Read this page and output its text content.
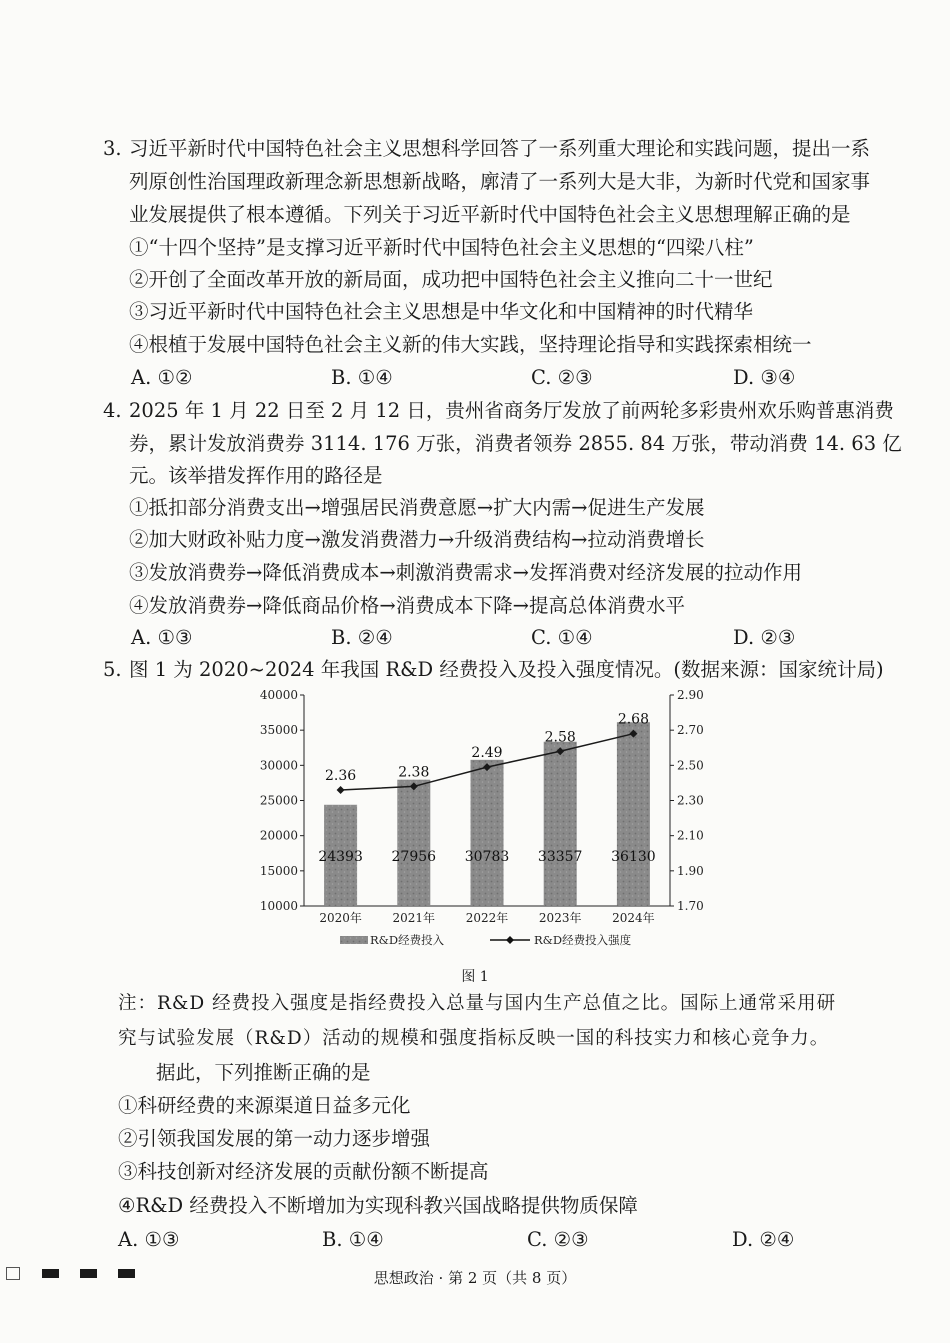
3. 习近平新时代中国特色社会主义思想科学回答了一系列重大理论和实践问题，提出一系
列原创性治国理政新理念新思想新战略，廓清了一系列大是大非，为新时代党和国家事
业发展提供了根本遵循。下列关于习近平新时代中国特色社会主义思想理解正确的是
①“十四个坚持”是支撑习近平新时代中国特色社会主义思想的“四梁八柱”
②开创了全面改革开放的新局面，成功把中国特色社会主义推向二十一世纪
③习近平新时代中国特色社会主义思想是中华文化和中国精神的时代精华
④根植于发展中国特色社会主义新的伟大实践，坚持理论指导和实践探索相统一
A. ①②	B. ①④	C. ②③	D. ③④
4. 2025 年 1 月 22 日至 2 月 12 日，贵州省商务厅发放了前两轮多彩贵州欢乐购普惠消费
券，累计发放消费券 3114. 176 万张，消费者领券 2855. 84 万张，带动消费 14. 63 亿
元。该举措发挥作用的路径是
①抵扣部分消费支出→增强居民消费意愿→扩大内需→促进生产发展
②加大财政补贴力度→激发消费潜力→升级消费结构→拉动消费增长
③发放消费券→降低消费成本→刺激消费需求→发挥消费对经济发展的拉动作用
④发放消费券→降低商品价格→消费成本下降→提高总体消费水平
A. ①③	B. ②④	C. ①④	D. ②③
5. 图 1 为 2020~2024 年我国 R&D 经费投入及投入强度情况。(数据来源：国家统计局)
10000
15000
20000
25000
30000
35000
40000
1.70
1.90
2.10
2.30
2.50
2.70
2.90
2020年	2021年	2022年	2023年	2024年
2.36	2.38
2.49
2.58
2.68
24393 27956 30783 33357 36130
R&D经费投入	R&D经费投入强度
图 1
注：R&D 经费投入强度是指经费投入总量与国内生产总值之比。国际上通常采用研
究与试验发展（R&D）活动的规模和强度指标反映一国的科技实力和核心竞争力。
据此，下列推断正确的是
①科研经费的来源渠道日益多元化
②引领我国发展的第一动力逐步增强
③科技创新对经济发展的贡献份额不断提高
④R&D 经费投入不断增加为实现科教兴国战略提供物质保障
A. ①③	B. ①④	C. ②③	D. ②④
思想政治 · 第 2 页（共 8 页）
